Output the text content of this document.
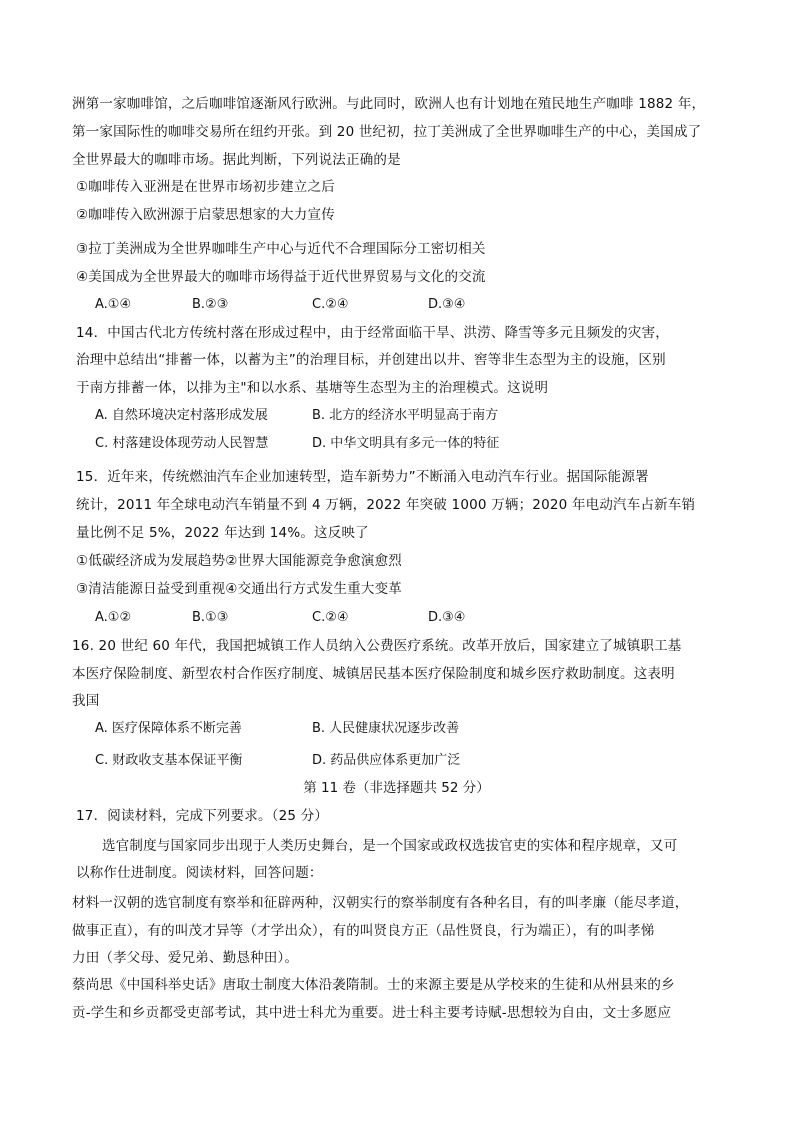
洲第一家咖啡馆，之后咖啡馆逐渐风行欧洲。与此同时，欧洲人也有计划地在殖民地生产咖啡 1882 年，
第一家国际性的咖啡交易所在纽约开张。到 20 世纪初，拉丁美洲成了全世界咖啡生产的中心，美国成了
全世界最大的咖啡市场。据此判断，下列说法正确的是
①咖啡传入亚洲是在世界市场初步建立之后
②咖啡传入欧洲源于启蒙思想家的大力宣传
③拉丁美洲成为全世界咖啡生产中心与近代不合理国际分工密切相关
④美国成为全世界最大的咖啡市场得益于近代世界贸易与文化的交流
A.①④	B.②③	C.②④	D.③④
14．中国古代北方传统村落在形成过程中，由于经常面临干旱、洪涝、降雪等多元且频发的灾害，
治理中总结出“排蓄一体，以蓄为主”的治理目标，并创建出以井、窖等非生态型为主的设施，区别
于南方排蓄一体，以排为主"和以水系、基塘等生态型为主的治理模式。这说明
A. 自然环境决定村落形成发展	B. 北方的经济水平明显高于南方
C. 村落建设体现劳动人民智慧	D. 中华文明具有多元一体的特征
15．近年来，传统燃油汽车企业加速转型，造车新势力”不断涌入电动汽车行业。据国际能源署
统计，2011 年全球电动汽车销量不到 4 万辆，2022 年突破 1000 万辆；2020 年电动汽车占新车销
量比例不足 5%，2022 年达到 14%。这反映了
①低碳经济成为发展趋势②世界大国能源竞争愈演愈烈
③清洁能源日益受到重视④交通出行方式发生重大变革
A.①②	B.①③	C.②④	D.③④
16. 20 世纪 60 年代，我国把城镇工作人员纳入公费医疗系统。改革开放后，国家建立了城镇职工基
本医疗保险制度、新型农村合作医疗制度、城镇居民基本医疗保险制度和城乡医疗救助制度。这表明
我国
A. 医疗保障体系不断完善	B. 人民健康状况逐步改善
C. 财政收支基本保证平衡	D. 药品供应体系更加广泛
第 11 卷（非选择题共 52 分）
17．阅读材料，完成下列要求。（25 分）
选官制度与国家同步出现于人类历史舞台，是一个国家或政权选拔官吏的实体和程序规章，又可
以称作仕进制度。阅读材料，回答问题：
材料一汉朝的选官制度有察举和征辟两种，汉朝实行的察举制度有各种名目，有的叫孝廉（能尽孝道，
做事正直），有的叫茂才异等（才学出众），有的叫贤良方正（品性贤良，行为端正），有的叫孝悌
力田（孝父母、爱兄弟、勤恳种田）。
蔡尚思《中国科举史话》唐取士制度大体沿袭隋制。士的来源主要是从学校来的生徒和从州县来的乡
贡-学生和乡贡都受吏部考试，其中进士科尤为重要。进士科主要考诗赋-思想较为自由，文士多愿应
